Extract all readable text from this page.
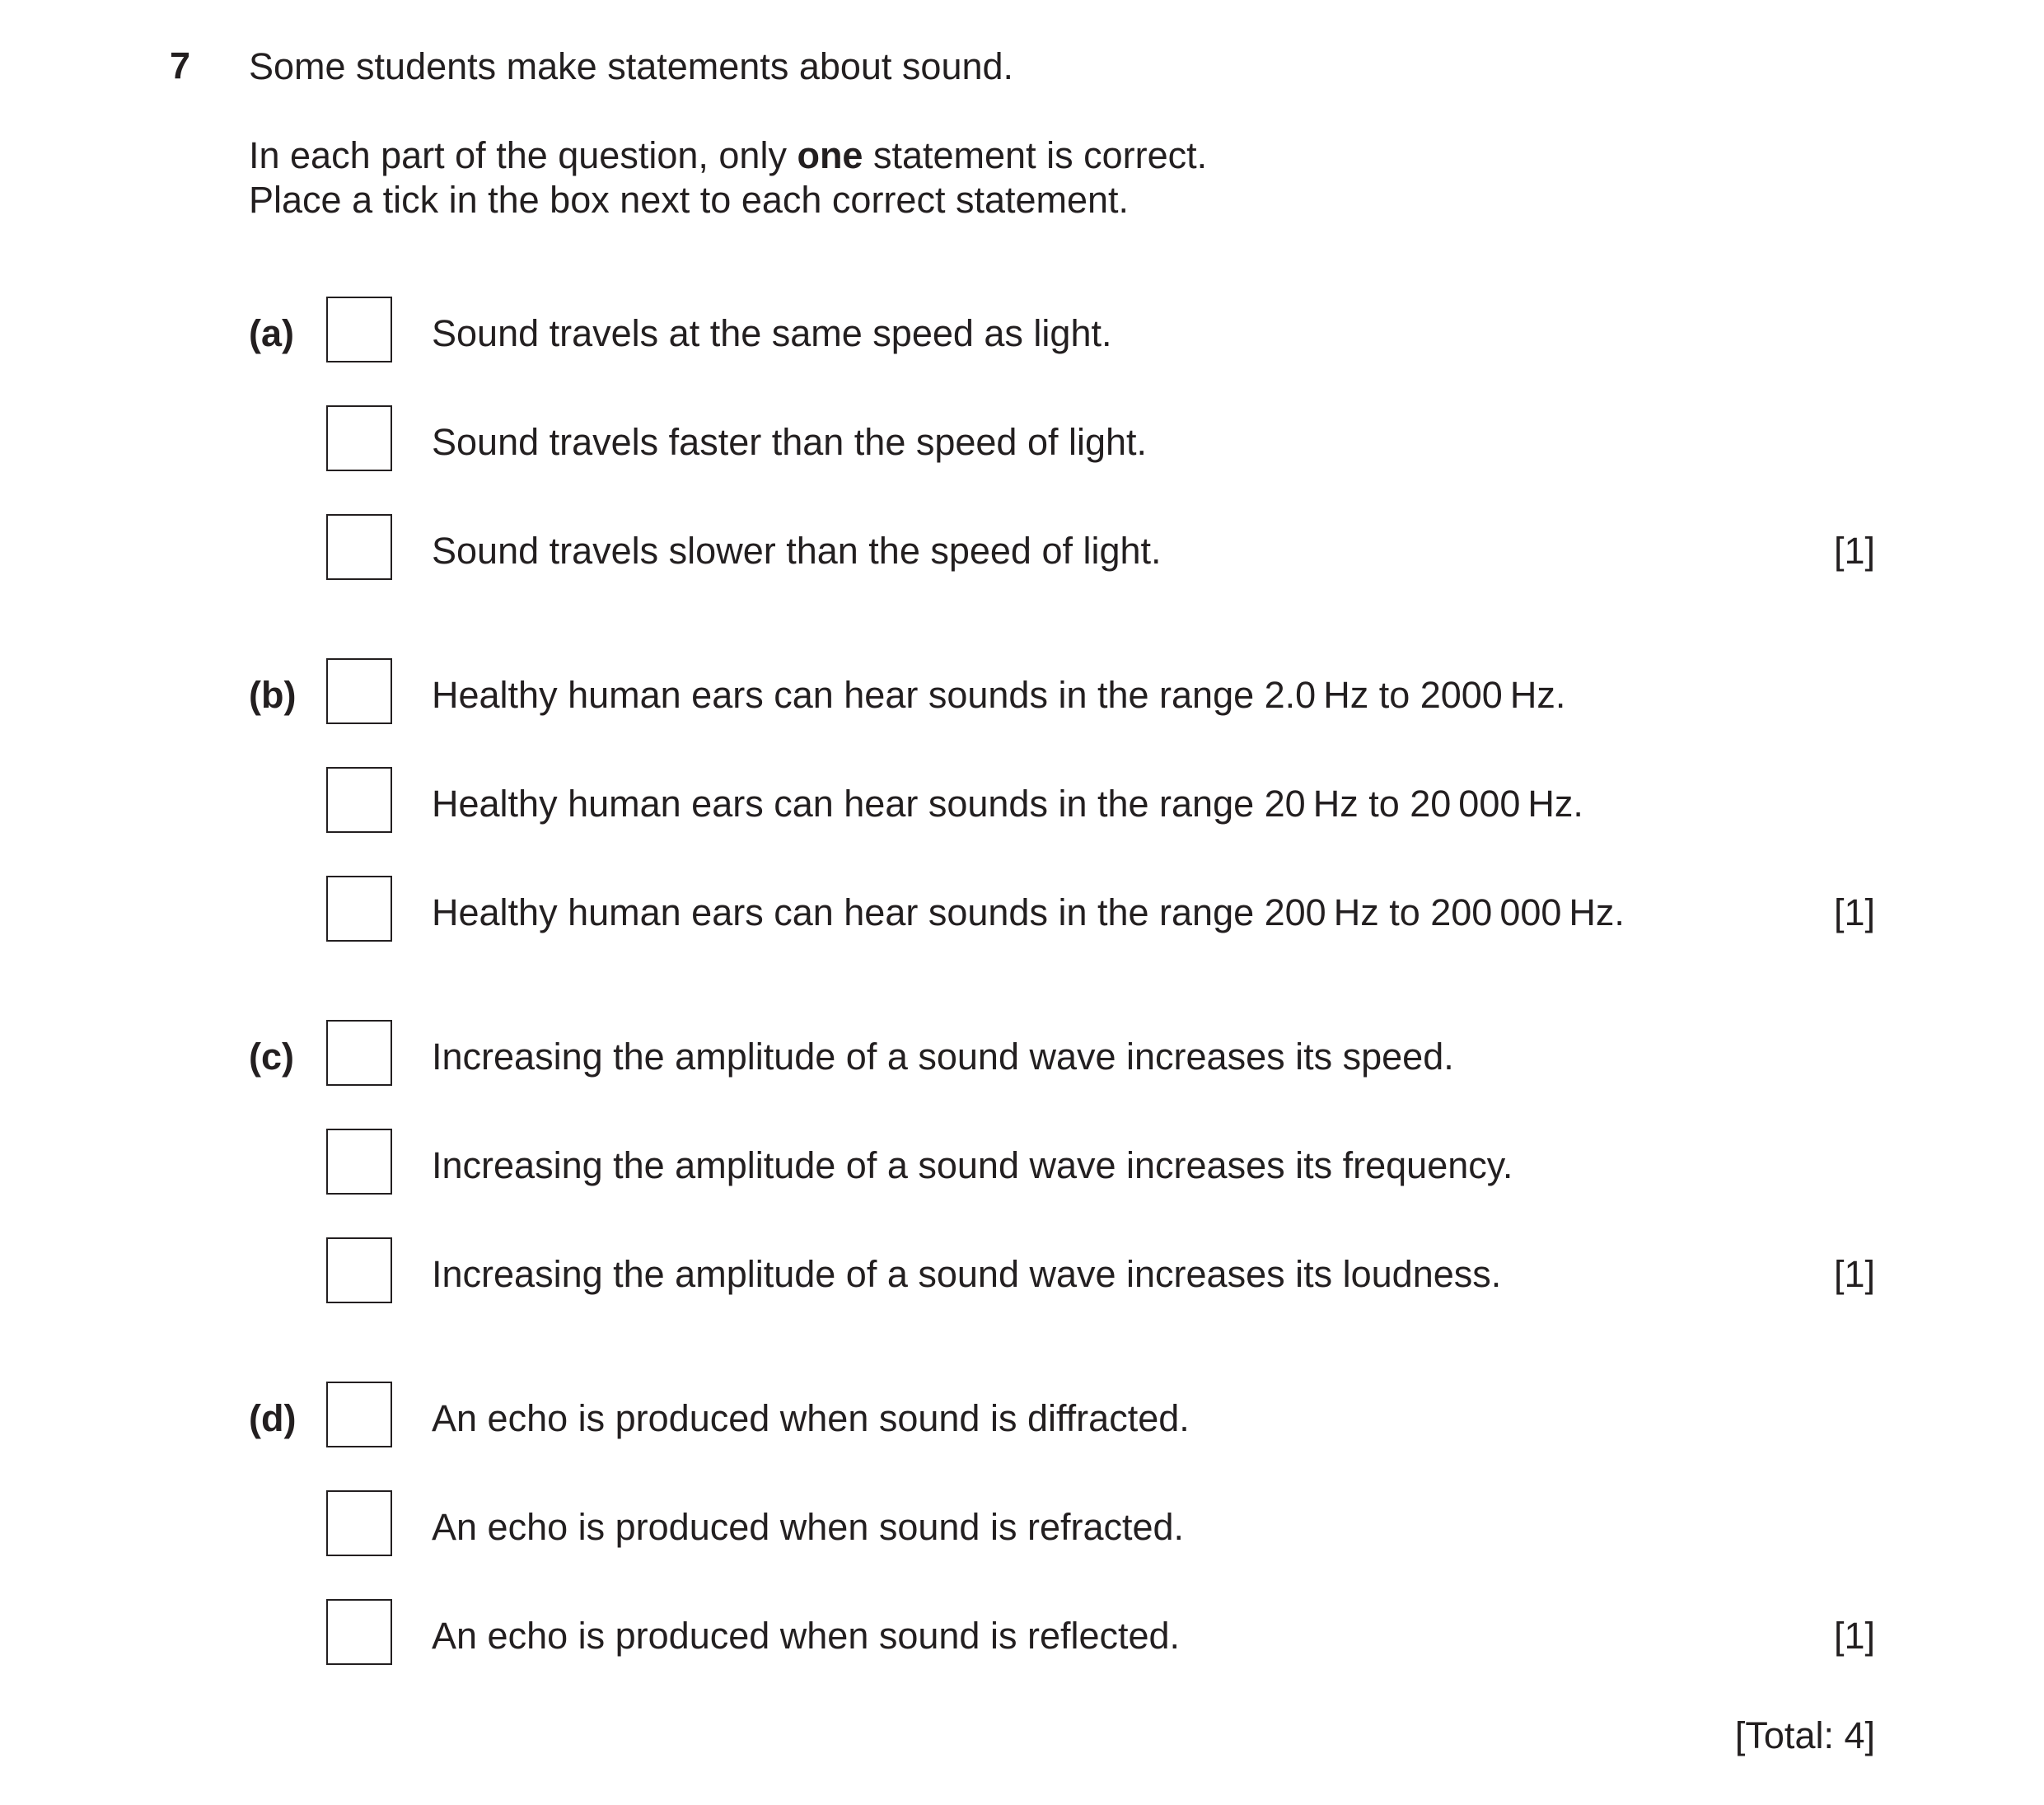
7 Some students make statements about sound.
In each part of the question, only one statement is correct.
Place a tick in the box next to each correct statement.
(a)	Sound travels at the same speed as light.
Sound travels faster than the speed of light.
Sound travels slower than the speed of light.	[1]
(b)	Healthy human ears can hear sounds in the range 2.0 Hz to 2000 Hz.
Healthy human ears can hear sounds in the range 20 Hz to 20 000 Hz.
Healthy human ears can hear sounds in the range 200 Hz to 200 000 Hz.	[1]
(c)	Increasing the amplitude of a sound wave increases its speed.
Increasing the amplitude of a sound wave increases its frequency.
Increasing the amplitude of a sound wave increases its loudness.	[1]
(d)	An echo is produced when sound is diffracted.
An echo is produced when sound is refracted.
An echo is produced when sound is reflected.	[1]
[Total: 4]
